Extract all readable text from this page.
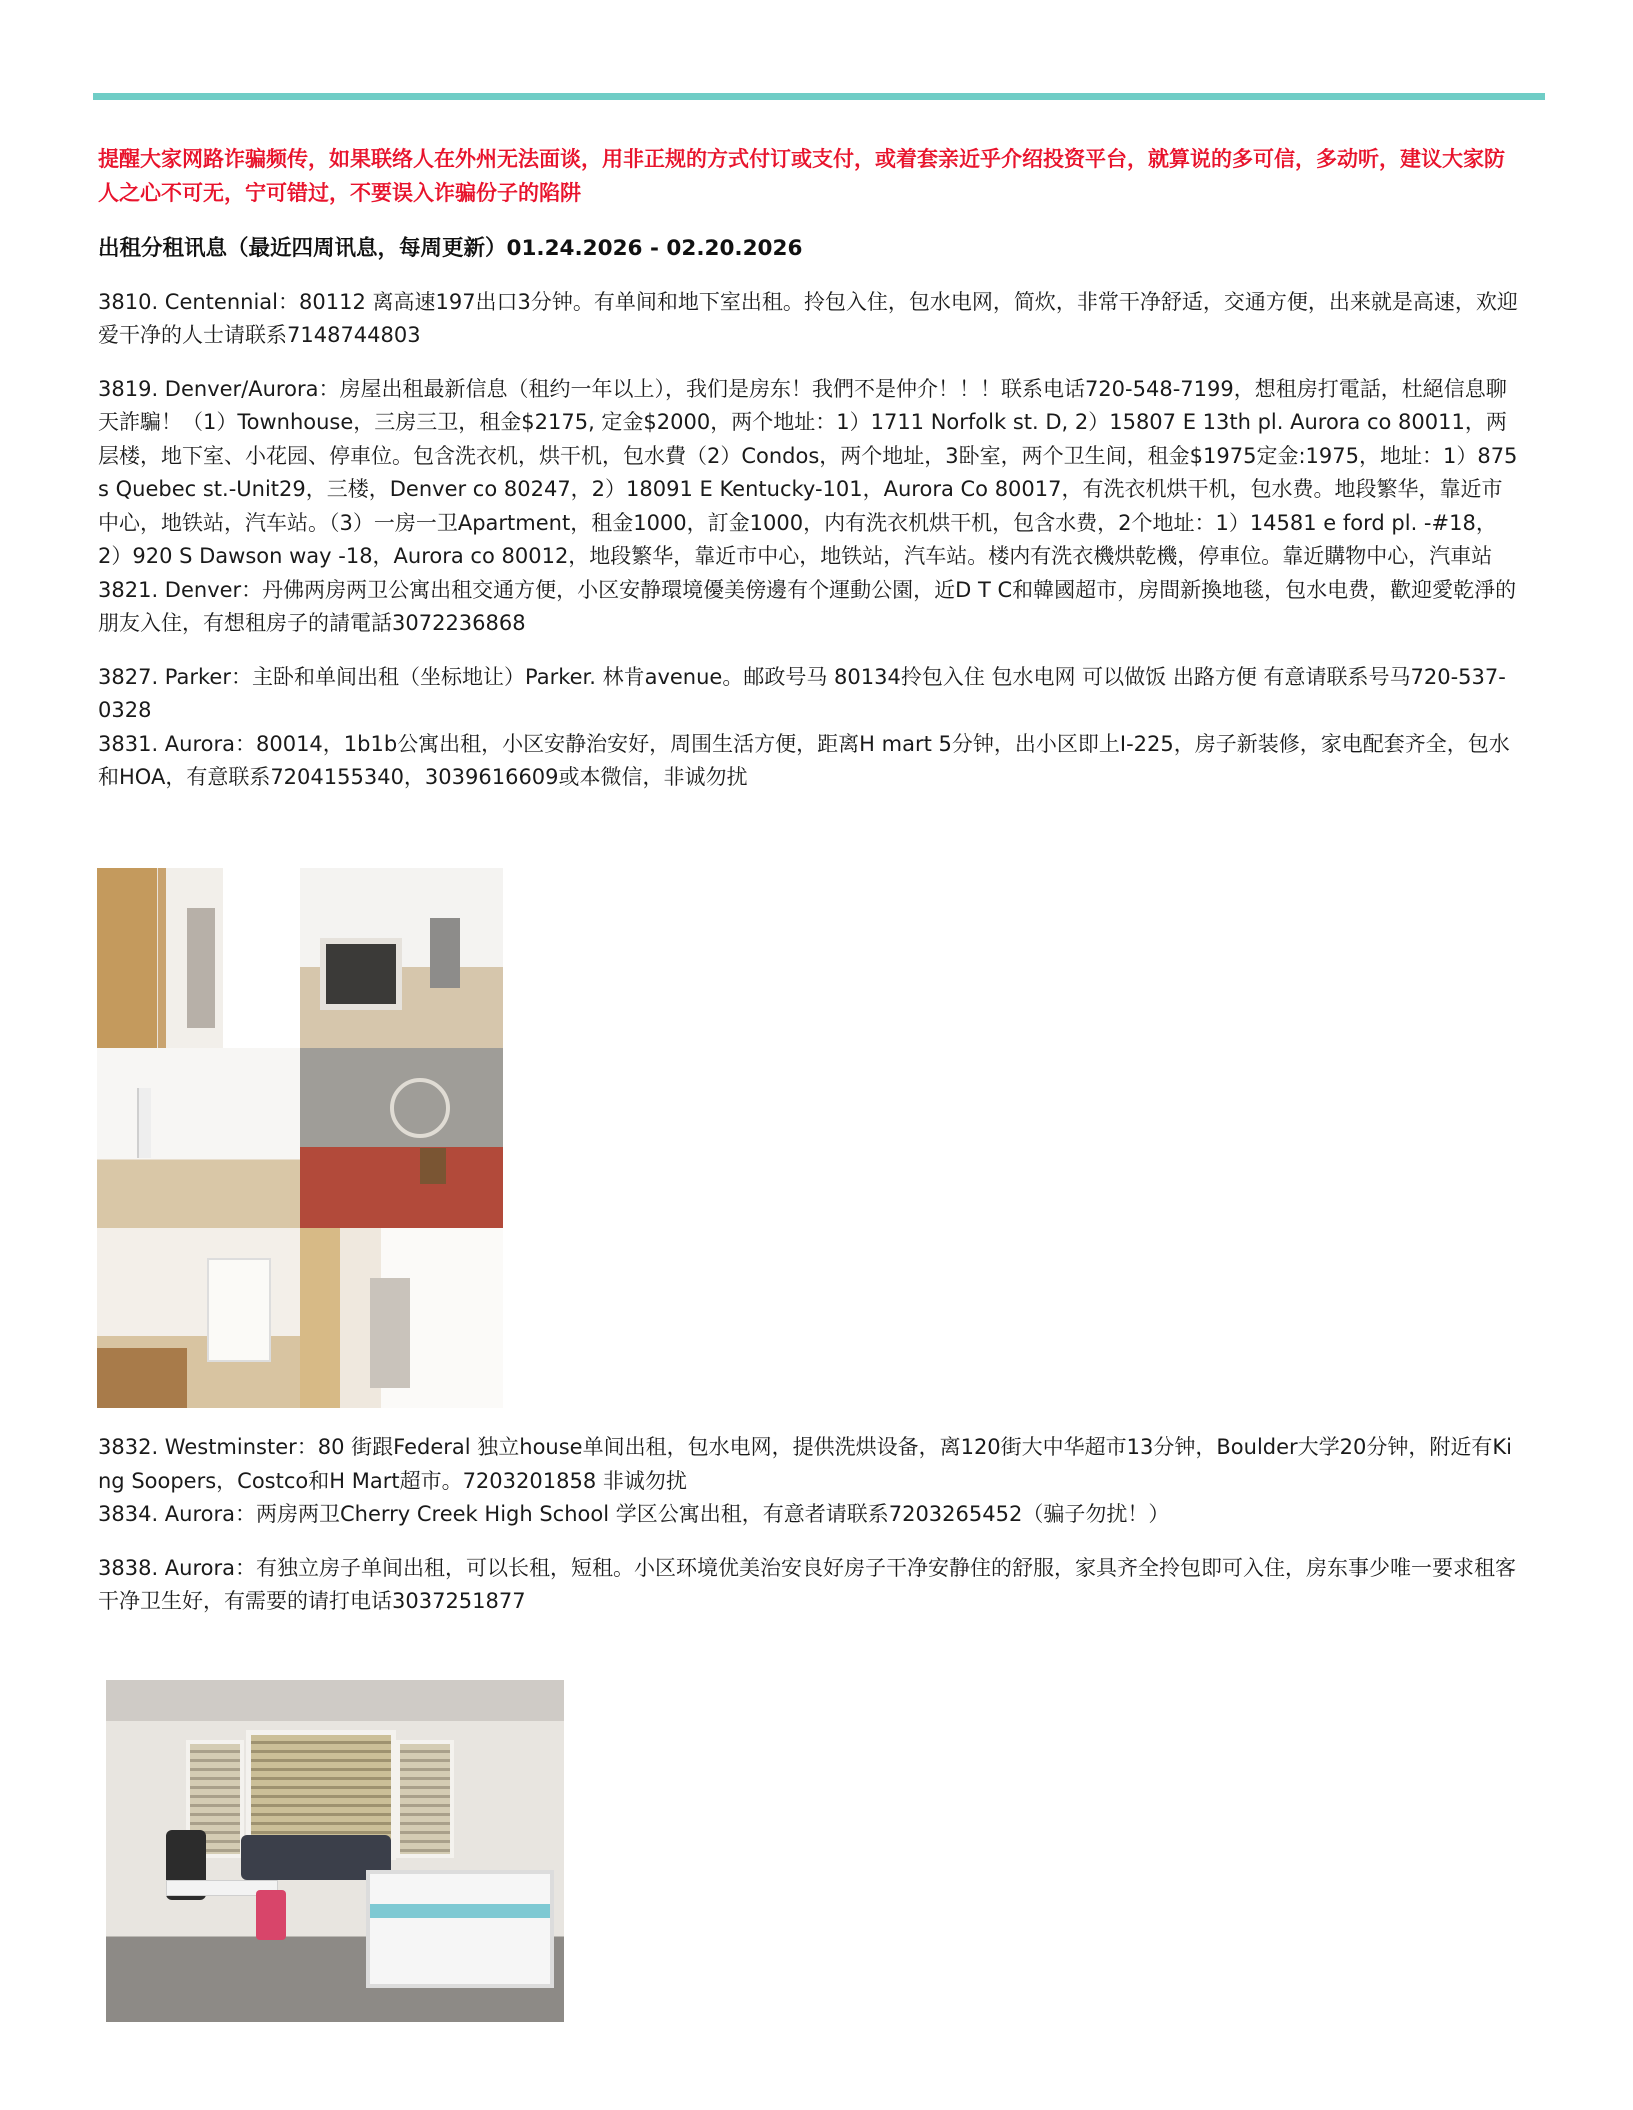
提醒大家网路诈骗频传，如果联络人在外州无法面谈，用非正规的方式付订或支付，或着套亲近乎介绍投资平台，就算说的多可信，多动听，建议大家防人之心不可无，宁可错过，不要误入诈骗份子的陷阱

出租分租讯息（最近四周讯息，每周更新）01.24.2026 - 02.20.2026

3810. Centennial：80112 离高速197出口3分钟。有单间和地下室出租。拎包入住，包水电网，简炊，非常干净舒适，交通方便，出来就是高速，欢迎爱干净的人士请联系7148744803

3819. Denver/Aurora：房屋出租最新信息（租约一年以上），我们是房东！我們不是仲介！！！联系电话720-548-7199，想租房打電話，杜絕信息聊天詐騙！（1）Townhouse，三房三卫，租金$2175, 定金$2000，两个地址：1）1711 Norfolk st. D, 2）15807 E 13th pl. Aurora co 80011，两层楼，地下室、小花园、停車位。包含洗衣机，烘干机，包水費（2）Condos，两个地址，3卧室，两个卫生间，租金$1975定金:1975，地址：1）875 s Quebec st.-Unit29，三楼，Denver co 80247，2）18091 E Kentucky-101，Aurora Co 80017，有洗衣机烘干机，包水费。地段繁华，靠近市中心，地铁站，汽车站。（3）一房一卫Apartment，租金1000，訂金1000，内有洗衣机烘干机，包含水费，2个地址：1）14581 e ford pl. -#18，2）920 S Dawson way -18，Aurora co 80012，地段繁华，靠近市中心，地铁站，汽车站。楼内有洗衣機烘乾機，停車位。靠近購物中心，汽車站

3821. Denver：丹佛两房两卫公寓出租交通方便，小区安静環境優美傍邊有个運動公園，近D T C和韓國超市，房間新換地毯，包水电费，歡迎愛乾淨的朋友入住，有想租房子的請電話3072236868

3827. Parker：主卧和单间出租（坐标地让）Parker. 林肯avenue。邮政号马 80134拎包入住 包水电网 可以做饭 出路方便 有意请联系号马720-537-0328

3831. Aurora：80014，1b1b公寓出租，小区安静治安好，周围生活方便，距离H mart 5分钟，出小区即上I-225，房子新装修，家电配套齐全，包水和HOA，有意联系7204155340，3039616609或本微信，非诚勿扰

3832. Westminster：80 街跟Federal 独立house单间出租，包水电网，提供洗烘设备，离120街大中华超市13分钟，Boulder大学20分钟，附近有King Soopers，Costco和H Mart超市。7203201858 非诚勿扰

3834. Aurora：两房两卫Cherry Creek High School 学区公寓出租，有意者请联系7203265452（骗子勿扰！）

3838. Aurora：有独立房子单间出租，可以长租，短租。小区环境优美治安良好房子干净安静住的舒服，家具齐全拎包即可入住，房东事少唯一要求租客干净卫生好，有需要的请打电话3037251877
